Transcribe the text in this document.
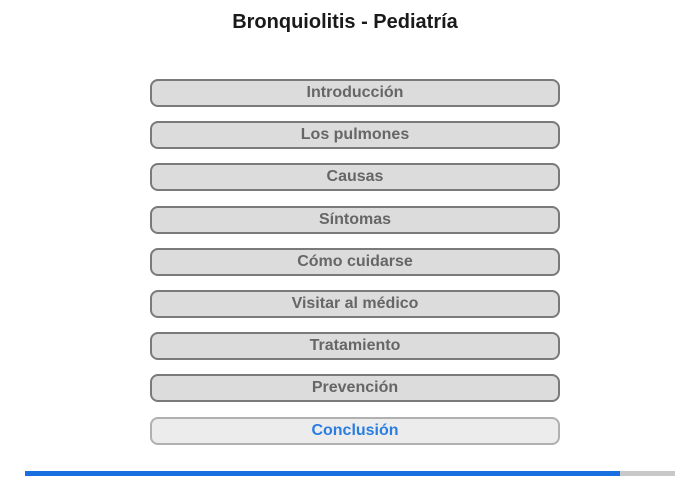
Bronquiolitis - Pediatría
Introducción
Los pulmones
Causas
Síntomas
Cómo cuidarse
Visitar al médico
Tratamiento
Prevención
Conclusión
